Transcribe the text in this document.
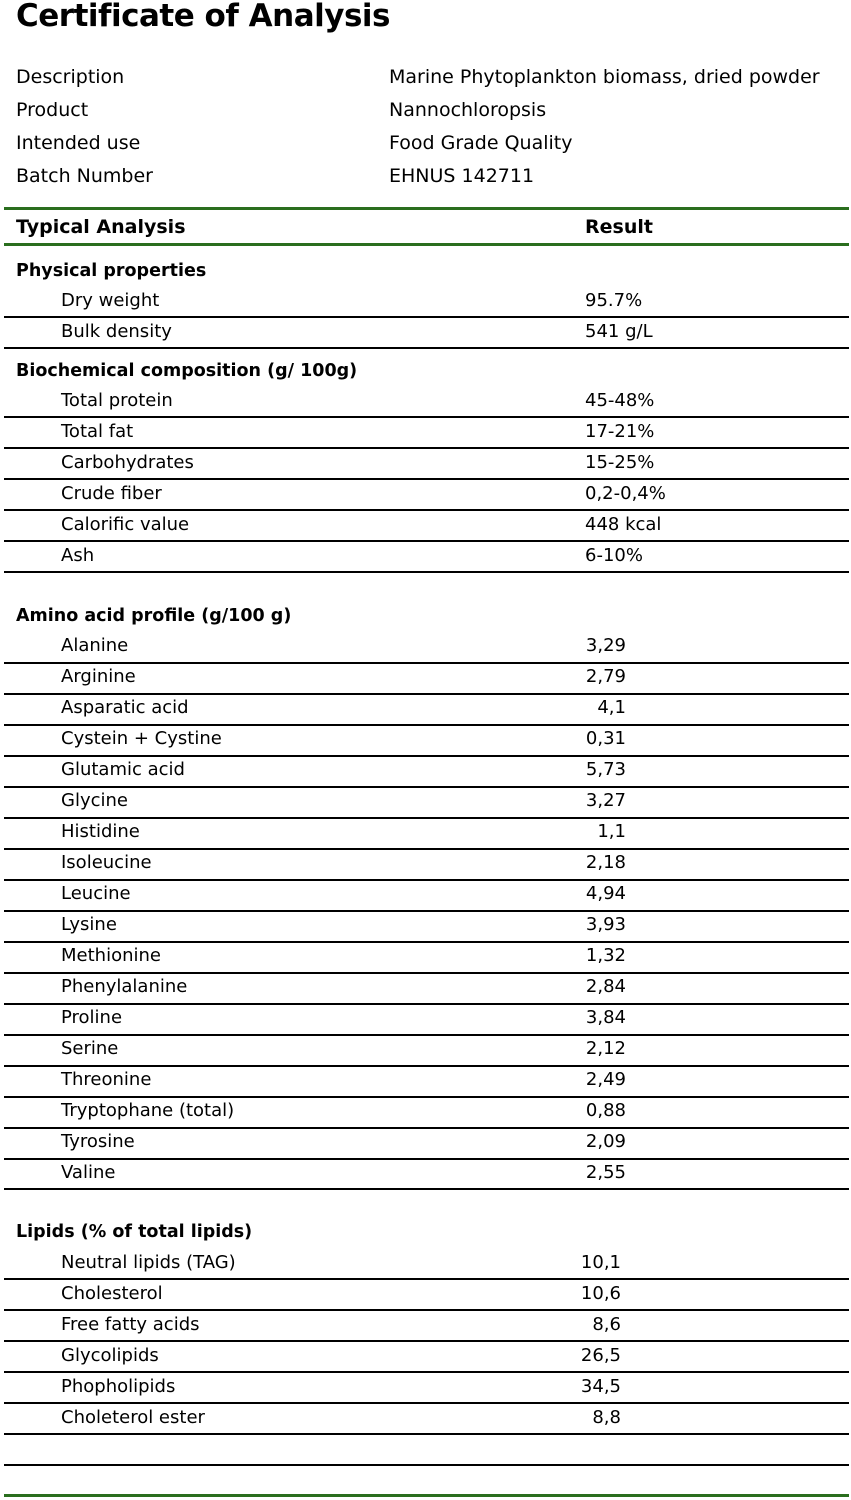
Certificate of Analysis
Description	Marine Phytoplankton biomass, dried powder
Product	Nannochloropsis
Intended use	Food Grade Quality
Batch Number	EHNUS 142711
Typical Analysis	Result
Physical properties
Dry weight	95.7%
Bulk density	541 g/L
Biochemical composition (g/ 100g)
Total protein	45-48%
Total fat	17-21%
Carbohydrates	15-25%
Crude fiber	0,2-0,4%
Calorific value	448 kcal
Ash	6-10%
Amino acid profile (g/100 g)
Alanine	3,29
Arginine	2,79
Asparatic acid	4,1
Cystein + Cystine	0,31
Glutamic acid	5,73
Glycine	3,27
Histidine	1,1
Isoleucine	2,18
Leucine	4,94
Lysine	3,93
Methionine	1,32
Phenylalanine	2,84
Proline	3,84
Serine	2,12
Threonine	2,49
Tryptophane (total)	0,88
Tyrosine	2,09
Valine	2,55
Lipids (% of total lipids)
Neutral lipids (TAG)	10,1
Cholesterol	10,6
Free fatty acids	8,6
Glycolipids	26,5
Phopholipids	34,5
Choleterol ester	8,8
